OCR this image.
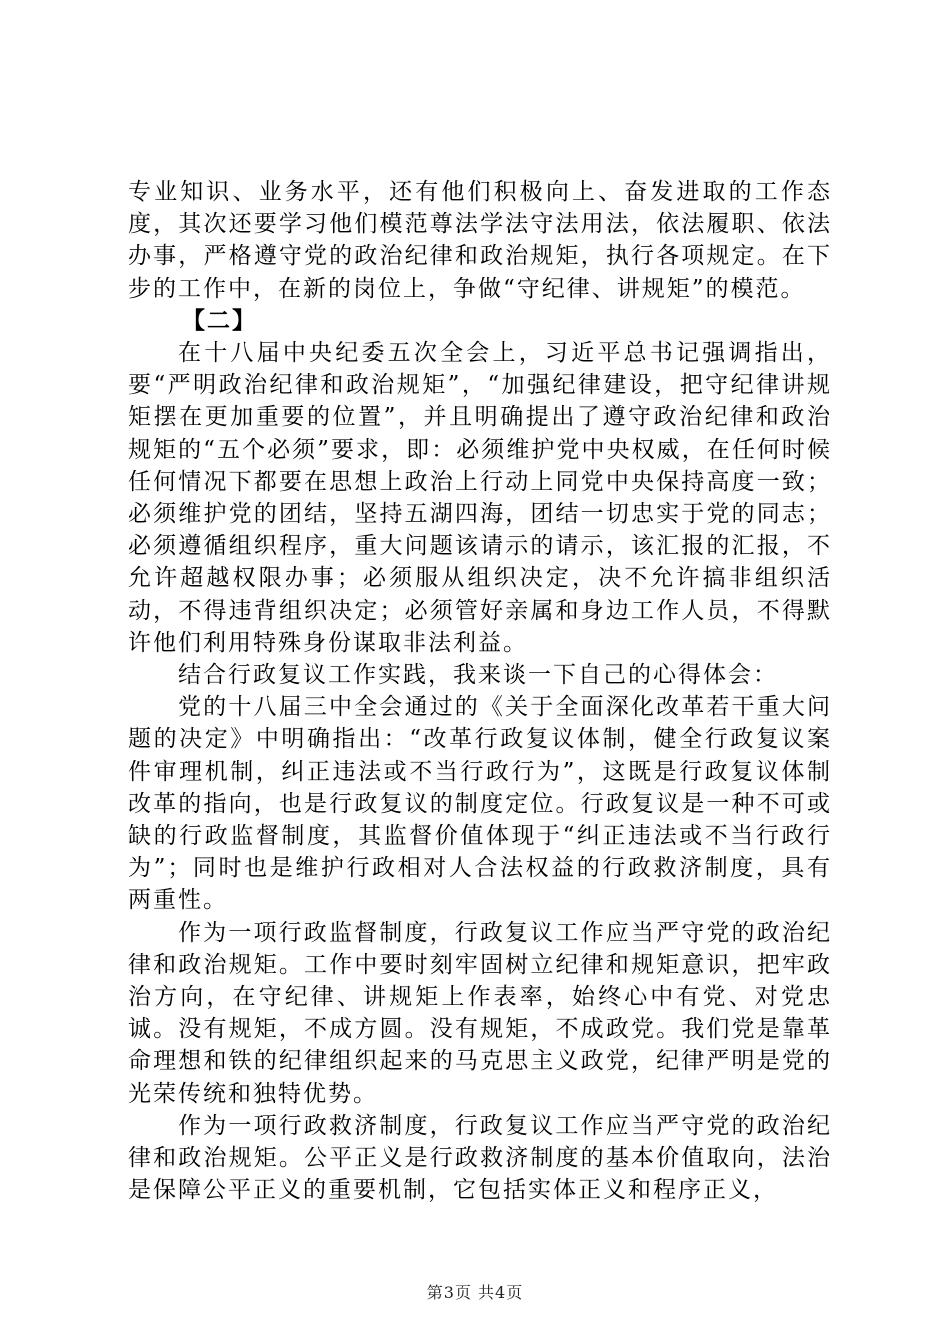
专业知识、业务水平，还有他们积极向上、奋发进取的工作态度，其次还要学习他们模范尊法学法守法用法，依法履职、依法办事，严格遵守党的政治纪律和政治规矩，执行各项规定。在下步的工作中，在新的岗位上，争做“守纪律、讲规矩”的模范。

【二】

在十八届中央纪委五次全会上，习近平总书记强调指出，要“严明政治纪律和政治规矩”，“加强纪律建设，把守纪律讲规矩摆在更加重要的位置”，并且明确提出了遵守政治纪律和政治规矩的“五个必须”要求，即：必须维护党中央权威，在任何时候任何情况下都要在思想上政治上行动上同党中央保持高度一致；必须维护党的团结，坚持五湖四海，团结一切忠实于党的同志；必须遵循组织程序，重大问题该请示的请示，该汇报的汇报，不允许超越权限办事；必须服从组织决定，决不允许搞非组织活动，不得违背组织决定；必须管好亲属和身边工作人员，不得默许他们利用特殊身份谋取非法利益。

结合行政复议工作实践，我来谈一下自己的心得体会：

党的十八届三中全会通过的《关于全面深化改革若干重大问题的决定》中明确指出：“改革行政复议体制，健全行政复议案件审理机制，纠正违法或不当行政行为”，这既是行政复议体制改革的指向，也是行政复议的制度定位。行政复议是一种不可或缺的行政监督制度，其监督价值体现于“纠正违法或不当行政行为”；同时也是维护行政相对人合法权益的行政救济制度，具有两重性。

作为一项行政监督制度，行政复议工作应当严守党的政治纪律和政治规矩。工作中要时刻牢固树立纪律和规矩意识，把牢政治方向，在守纪律、讲规矩上作表率，始终心中有党、对党忠诚。没有规矩，不成方圆。没有规矩，不成政党。我们党是靠革命理想和铁的纪律组织起来的马克思主义政党，纪律严明是党的光荣传统和独特优势。

作为一项行政救济制度，行政复议工作应当严守党的政治纪律和政治规矩。公平正义是行政救济制度的基本价值取向，法治是保障公平正义的重要机制，它包括实体正义和程序正义，

第3页 共4页
